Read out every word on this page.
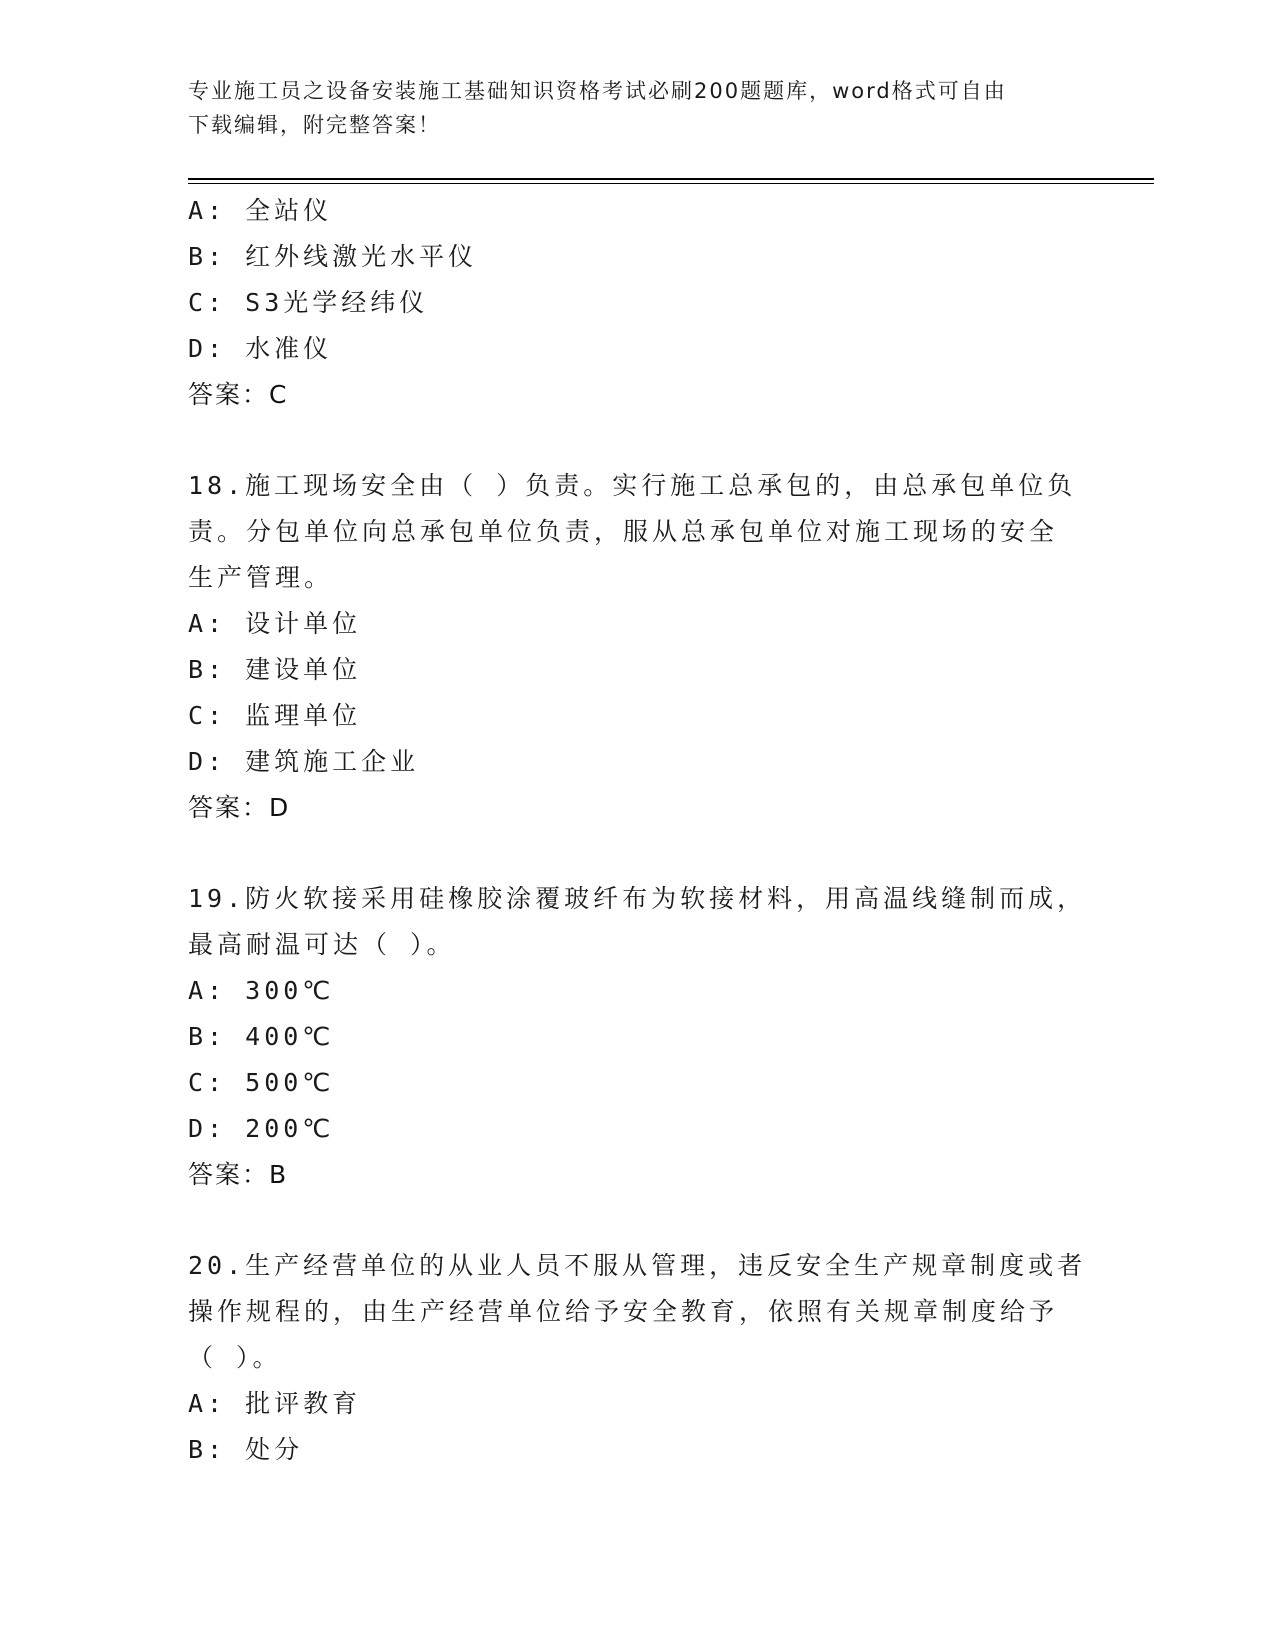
专业施工员之设备安装施工基础知识资格考试必刷200题题库，word格式可自由
下载编辑，附完整答案！
A: 全站仪
B: 红外线激光水平仪
C: S3光学经纬仪
D: 水准仪
答案：C
18.施工现场安全由（ ）负责。实行施工总承包的，由总承包单位负
责。分包单位向总承包单位负责，服从总承包单位对施工现场的安全
生产管理。
A: 设计单位
B: 建设单位
C: 监理单位
D: 建筑施工企业
答案：D
19.防火软接采用硅橡胶涂覆玻纤布为软接材料，用高温线缝制而成，
最高耐温可达（ ）。
A: 300℃
B: 400℃
C: 500℃
D: 200℃
答案：B
20.生产经营单位的从业人员不服从管理，违反安全生产规章制度或者
操作规程的，由生产经营单位给予安全教育，依照有关规章制度给予
（ ）。
A: 批评教育
B: 处分
